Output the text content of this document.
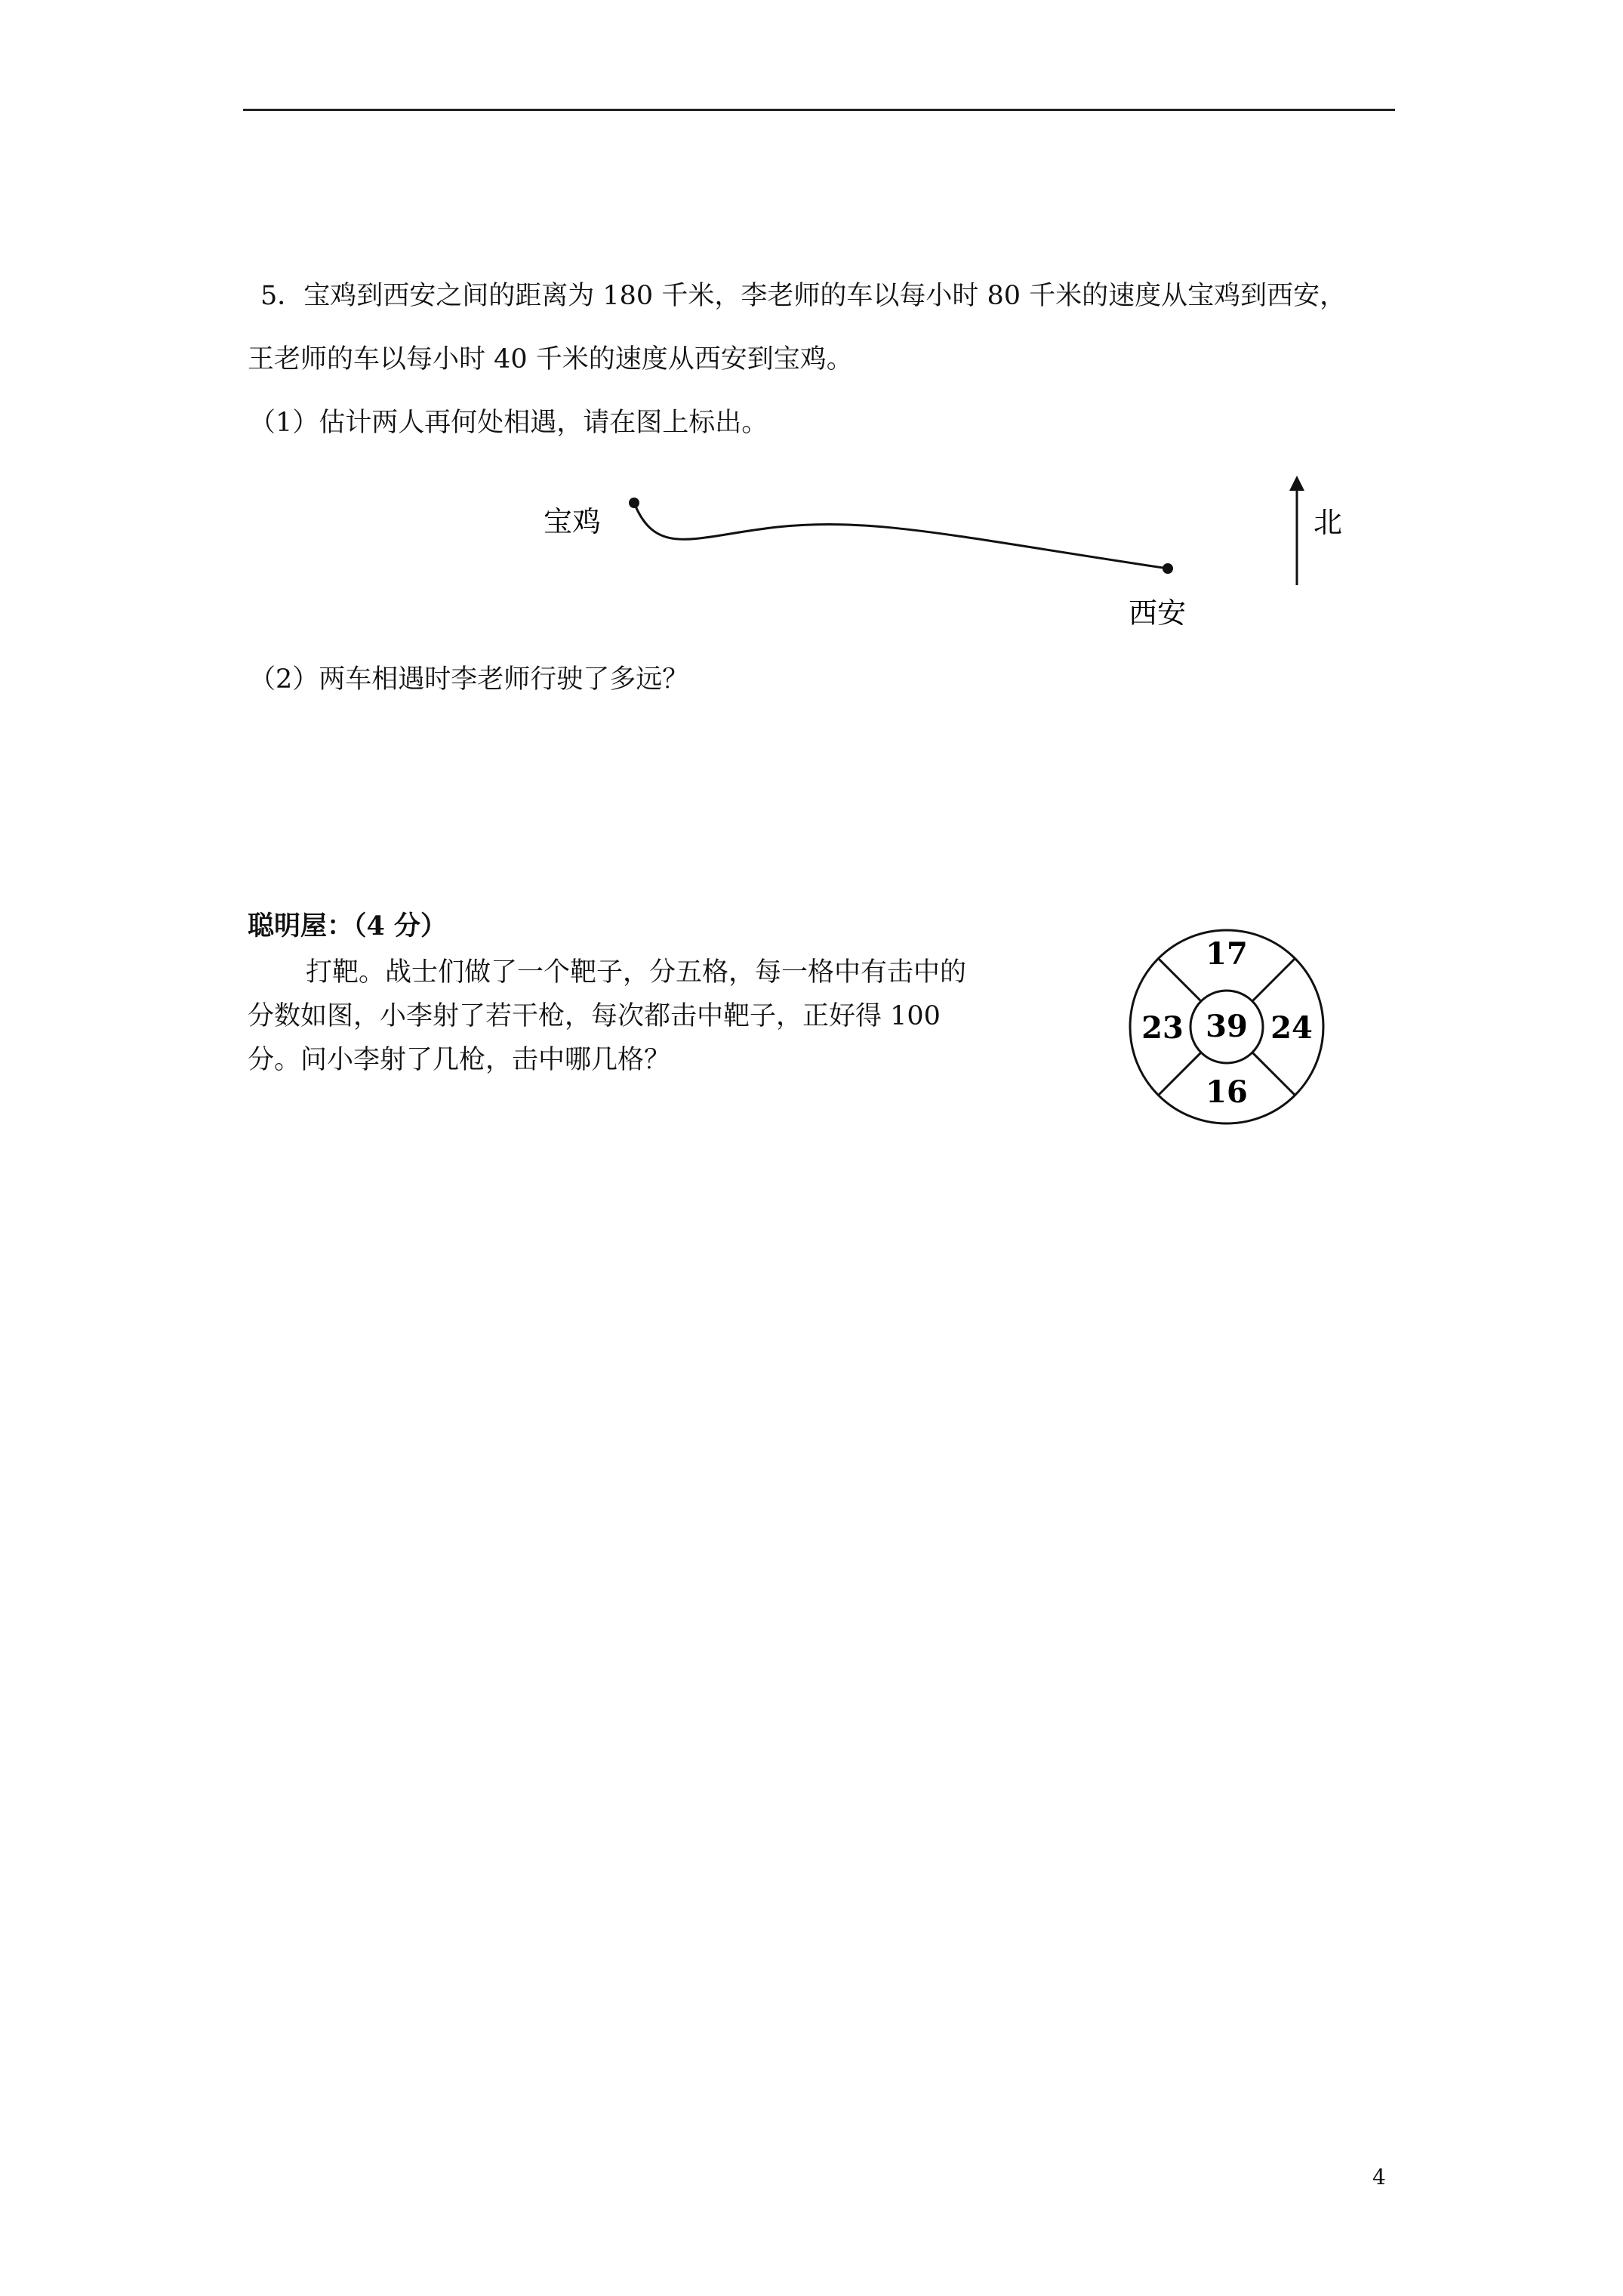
5．宝鸡到西安之间的距离为 180 千米，李老师的车以每小时 80 千米的速度从宝鸡到西安，
王老师的车以每小时 40 千米的速度从西安到宝鸡。
（1）估计两人再何处相遇，请在图上标出。
宝鸡
西安
北
（2）两车相遇时李老师行驶了多远？
聪明屋：（4 分）
打靶。战士们做了一个靶子，分五格，每一格中有击中的
分数如图，小李射了若干枪，每次都击中靶子，正好得 100
分。问小李射了几枪，击中哪几格？
17
23 39 24
16
4
